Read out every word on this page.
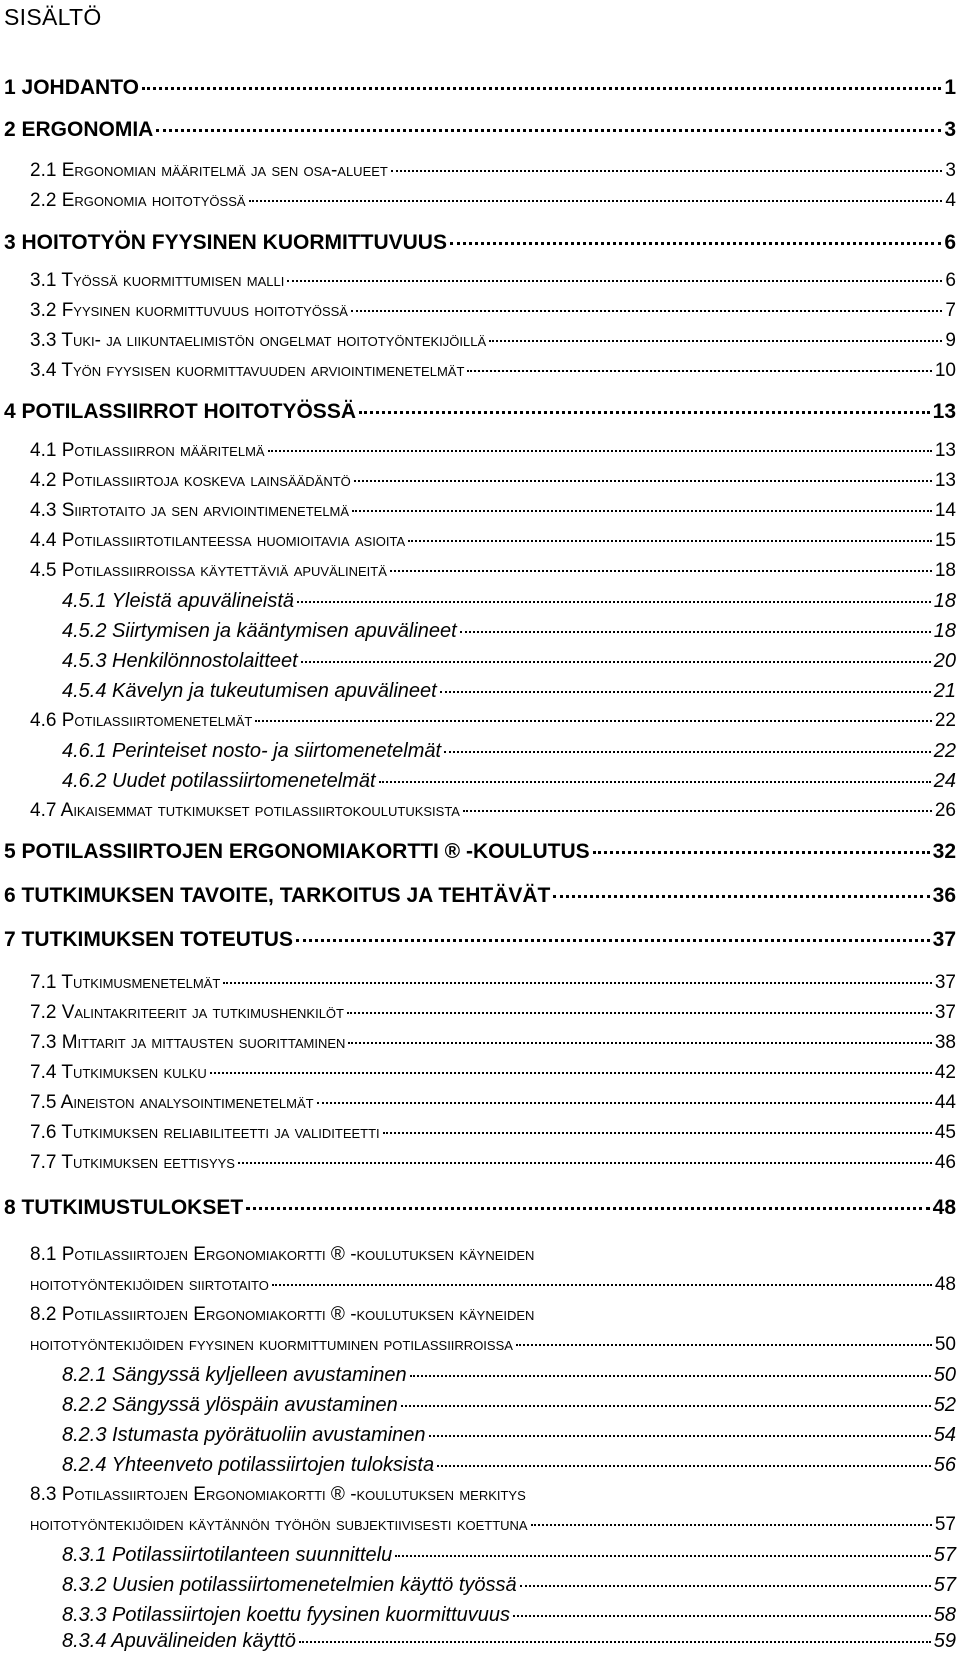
SISÄLTÖ
1 JOHDANTO	1
2 ERGONOMIA	3
2.1 Ergonomian määritelmä ja sen osa-alueet	3
2.2 Ergonomia hoitotyössä	4
3 HOITOTYÖN FYYSINEN KUORMITTUVUUS	6
3.1 Työssä kuormittumisen malli	6
3.2 Fyysinen kuormittuvuus hoitotyössä	7
3.3 Tuki- ja liikuntaelimistön ongelmat hoitotyöntekijöillä	9
3.4 Työn fyysisen kuormittavuuden arviointimenetelmät	10
4 POTILASSIIRROT HOITOTYÖSSÄ	13
4.1 Potilassiirron määritelmä	13
4.2 Potilassiirtoja koskeva lainsäädäntö	13
4.3 Siirtotaito ja sen arviointimenetelmä	14
4.4 Potilassiirtotilanteessa huomioitavia asioita	15
4.5 Potilassiirroissa käytettäviä apuvälineitä	18
4.5.1 Yleistä apuvälineistä	18
4.5.2 Siirtymisen ja kääntymisen apuvälineet	18
4.5.3 Henkilönnostolaitteet	20
4.5.4 Kävelyn ja tukeutumisen apuvälineet	21
4.6 Potilassiirtomenetelmät	22
4.6.1 Perinteiset nosto- ja siirtomenetelmät	22
4.6.2 Uudet potilassiirtomenetelmät	24
4.7 Aikaisemmat tutkimukset potilassiirtokoulutuksista	26
5 POTILASSIIRTOJEN ERGONOMIAKORTTI ® -KOULUTUS	32
6 TUTKIMUKSEN TAVOITE, TARKOITUS JA TEHTÄVÄT	36
7 TUTKIMUKSEN TOTEUTUS	37
7.1 Tutkimusmenetelmät	37
7.2 Valintakriteerit ja tutkimushenkilöt	37
7.3 Mittarit ja mittausten suorittaminen	38
7.4 Tutkimuksen kulku	42
7.5 Aineiston analysointimenetelmät	44
7.6 Tutkimuksen reliabiliteetti ja validiteetti	45
7.7 Tutkimuksen eettisyys	46
8 TUTKIMUSTULOKSET	48
8.1 Potilassiirtojen Ergonomiakortti ® -koulutuksen käyneiden
hoitotyöntekijöiden siirtotaito	48
8.2 Potilassiirtojen Ergonomiakortti ® -koulutuksen käyneiden
hoitotyöntekijöiden fyysinen kuormittuminen potilassiirroissa	50
8.2.1 Sängyssä kyljelleen avustaminen	50
8.2.2 Sängyssä ylöspäin avustaminen	52
8.2.3 Istumasta pyörätuoliin avustaminen	54
8.2.4 Yhteenveto potilassiirtojen tuloksista	56
8.3 Potilassiirtojen Ergonomiakortti ® -koulutuksen merkitys
hoitotyöntekijöiden käytännön työhön subjektiivisesti koettuna	57
8.3.1 Potilassiirtotilanteen suunnittelu	57
8.3.2 Uusien potilassiirtomenetelmien käyttö työssä	57
8.3.3 Potilassiirtojen koettu fyysinen kuormittuvuus	58
8.3.4 Apuvälineiden käyttö	59
